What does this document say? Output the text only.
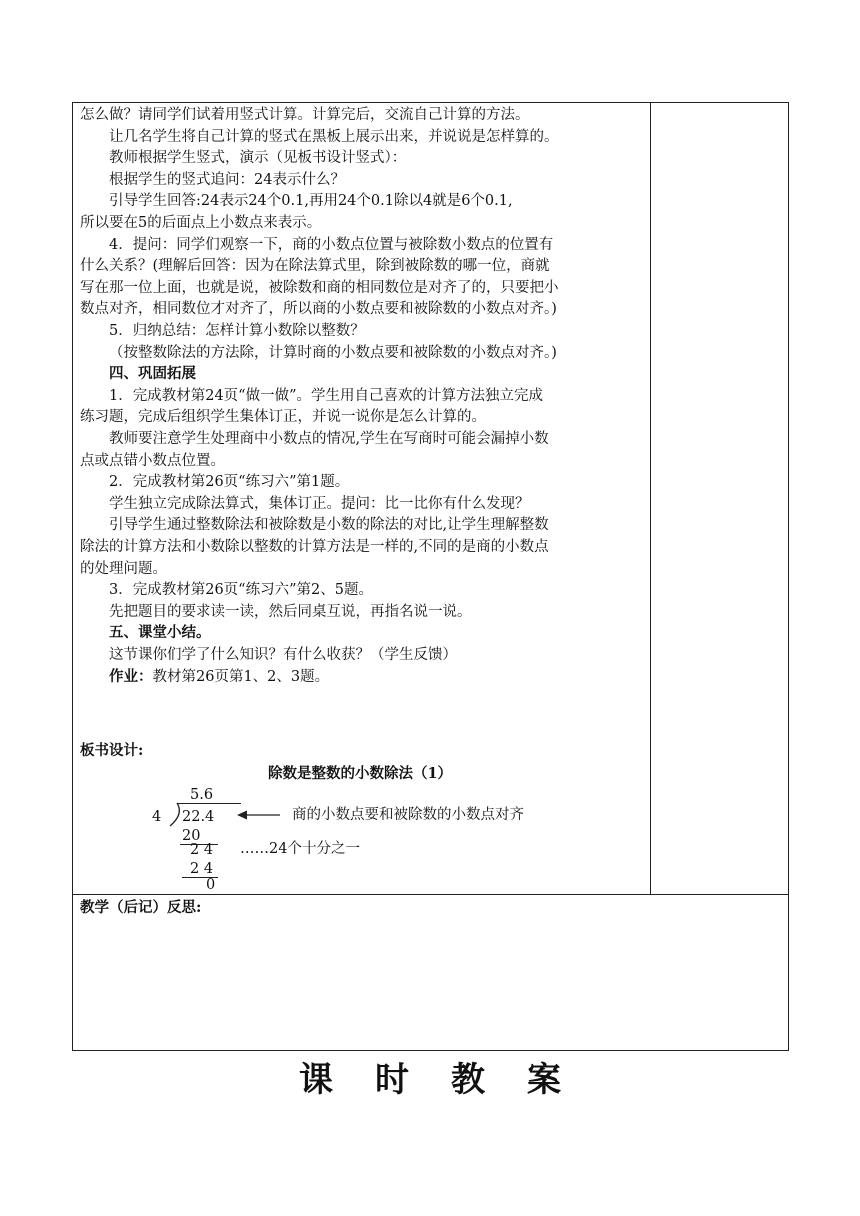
怎么做？请同学们试着用竖式计算。计算完后，交流自己计算的方法。
让几名学生将自己计算的竖式在黑板上展示出来，并说说是怎样算的。
教师根据学生竖式，演示（见板书设计竖式）：
根据学生的竖式追问：24表示什么？
引导学生回答:24表示24个0.1,再用24个0.1除以4就是6个0.1,
所以要在5的后面点上小数点来表示。
4．提问：同学们观察一下，商的小数点位置与被除数小数点的位置有
什么关系？(理解后回答：因为在除法算式里，除到被除数的哪一位，商就
写在那一位上面，也就是说，被除数和商的相同数位是对齐了的，只要把小
数点对齐，相同数位才对齐了，所以商的小数点要和被除数的小数点对齐。)
5．归纳总结：怎样计算小数除以整数？
（按整数除法的方法除，计算时商的小数点要和被除数的小数点对齐。)
四、巩固拓展
1．完成教材第24页“做一做”。学生用自己喜欢的计算方法独立完成
练习题，完成后组织学生集体订正，并说一说你是怎么计算的。
教师要注意学生处理商中小数点的情况,学生在写商时可能会漏掉小数
点或点错小数点位置。
2．完成教材第26页“练习六”第1题。
学生独立完成除法算式，集体订正。提问：比一比你有什么发现？
引导学生通过整数除法和被除数是小数的除法的对比,让学生理解整数
除法的计算方法和小数除以整数的计算方法是一样的,不同的是商的小数点
的处理问题。
3．完成教材第26页“练习六”第2、5题。
先把题目的要求读一读，然后同桌互说，再指名说一说。
五、课堂小结。
这节课你们学了什么知识？有什么收获？（学生反馈）
作业：教材第26页第1、2、3题。
板书设计:
除数是整数的小数除法（1）
5.6
4 22.4
20
2 4
2 4
0
商的小数点要和被除数的小数点对齐
……24个十分之一
教学（后记）反思:
课时教案
